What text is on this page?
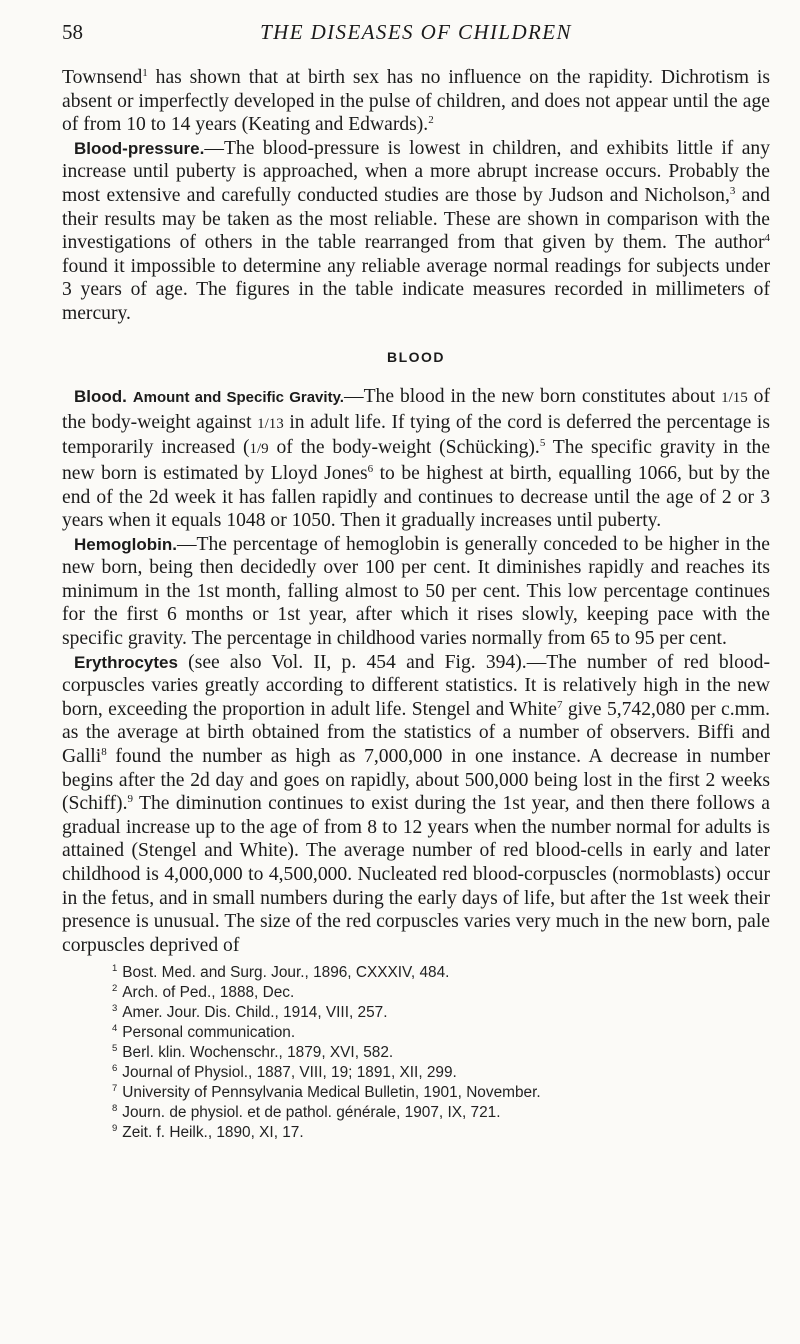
58	THE DISEASES OF CHILDREN

Townsend$^1$ has shown that at birth sex has no influence on the rapidity. Dichrotism is absent or imperfectly developed in the pulse of children, and does not appear until the age of from 10 to 14 years (Keating and Edwards).$^2$

Blood-pressure.—The blood-pressure is lowest in children, and exhibits little if any increase until puberty is approached, when a more abrupt increase occurs. Probably the most extensive and carefully conducted studies are those by Judson and Nicholson,$^3$ and their results may be taken as the most reliable. These are shown in comparison with the investigations of others in the table rearranged from that given by them. The author$^4$ found it impossible to determine any reliable average normal readings for subjects under 3 years of age. The figures in the table indicate measures recorded in millimeters of mercury.

BLOOD

Blood. Amount and Specific Gravity.—The blood in the new born constitutes about 1/15 of the body-weight against 1/13 in adult life. If tying of the cord is deferred the percentage is temporarily increased (1/9 of the body-weight (Schücking).$^5$ The specific gravity in the new born is estimated by Lloyd Jones$^6$ to be highest at birth, equalling 1066, but by the end of the 2d week it has fallen rapidly and continues to decrease until the age of 2 or 3 years when it equals 1048 or 1050. Then it gradually increases until puberty.

Hemoglobin.—The percentage of hemoglobin is generally conceded to be higher in the new born, being then decidedly over 100 per cent. It diminishes rapidly and reaches its minimum in the 1st month, falling almost to 50 per cent. This low percentage continues for the first 6 months or 1st year, after which it rises slowly, keeping pace with the specific gravity. The percentage in childhood varies normally from 65 to 95 per cent.

Erythrocytes (see also Vol. II, p. 454 and Fig. 394).—The number of red blood-corpuscles varies greatly according to different statistics. It is relatively high in the new born, exceeding the proportion in adult life. Stengel and White$^7$ give 5,742,080 per c.mm. as the average at birth obtained from the statistics of a number of observers. Biffi and Galli$^8$ found the number as high as 7,000,000 in one instance. A decrease in number begins after the 2d day and goes on rapidly, about 500,000 being lost in the first 2 weeks (Schiff).$^9$ The diminution continues to exist during the 1st year, and then there follows a gradual increase up to the age of from 8 to 12 years when the number normal for adults is attained (Stengel and White). The average number of red blood-cells in early and later childhood is 4,000,000 to 4,500,000. Nucleated red blood-corpuscles (normoblasts) occur in the fetus, and in small numbers during the early days of life, but after the 1st week their presence is unusual. The size of the red corpuscles varies very much in the new born, pale corpuscles deprived of

$^1$ Bost. Med. and Surg. Jour., 1896, CXXXIV, 484.
$^2$ Arch. of Ped., 1888, Dec.
$^3$ Amer. Jour. Dis. Child., 1914, VIII, 257.
$^4$ Personal communication.
$^5$ Berl. klin. Wochenschr., 1879, XVI, 582.
$^6$ Journal of Physiol., 1887, VIII, 19; 1891, XII, 299.
$^7$ University of Pennsylvania Medical Bulletin, 1901, November.
$^8$ Journ. de physiol. et de pathol. générale, 1907, IX, 721.
$^9$ Zeit. f. Heilk., 1890, XI, 17.
